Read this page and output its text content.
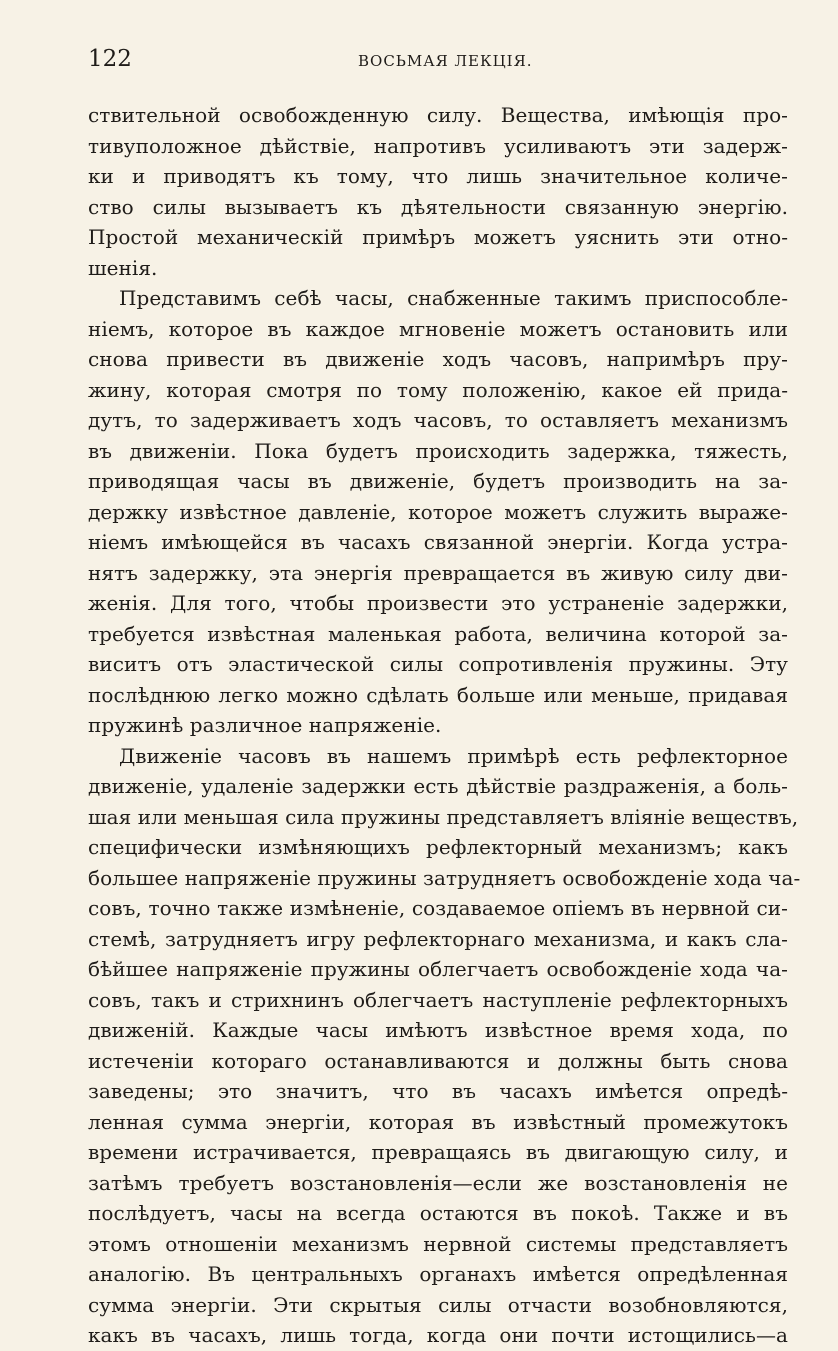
122	ВОСЬМАЯ ЛЕКЦІЯ.
ствительной освобожденную силу. Вещества, имѣющія про-
тивуположное дѣйствіе, напротивъ усиливаютъ эти задерж-
ки и приводятъ къ тому, что лишь значительное количе-
ство силы вызываетъ къ дѣятельности связанную энергію.
Простой механическій примѣръ можетъ уяснить эти отно-
шенія.
Представимъ себѣ часы, снабженные такимъ приспособле-
ніемъ, которое въ каждое мгновеніе можетъ остановить или
снова привести въ движеніе ходъ часовъ, напримѣръ пру-
жину, которая смотря по тому положенію, какое ей прида-
дутъ, то задерживаетъ ходъ часовъ, то оставляетъ механизмъ
въ движеніи. Пока будетъ происходить задержка, тяжесть,
приводящая часы въ движеніе, будетъ производить на за-
держку извѣстное давленіе, которое можетъ служить выраже-
ніемъ имѣющейся въ часахъ связанной энергіи. Когда устра-
нятъ задержку, эта энергія превращается въ живую силу дви-
женія. Для того, чтобы произвести это устраненіе задержки,
требуется извѣстная маленькая работа, величина которой за-
виситъ отъ эластической силы сопротивленія пружины. Эту
послѣднюю легко можно сдѣлать больше или меньше, придавая
пружинѣ различное напряженіе.
Движеніе часовъ въ нашемъ примѣрѣ есть рефлекторное
движеніе, удаленіе задержки есть дѣйствіе раздраженія, а боль-
шая или меньшая сила пружины представляетъ вліяніе веществъ,
специфически измѣняющихъ рефлекторный механизмъ; какъ
большее напряженіе пружины затрудняетъ освобожденіе хода ча-
совъ, точно также измѣненіе, создаваемое опіемъ въ нервной си-
стемѣ, затрудняетъ игру рефлекторнаго механизма, и какъ сла-
бѣйшее напряженіе пружины облегчаетъ освобожденіе хода ча-
совъ, такъ и стрихнинъ облегчаетъ наступленіе рефлекторныхъ
движеній. Каждые часы имѣютъ извѣстное время хода, по
истеченіи котораго останавливаются и должны быть снова
заведены; это значитъ, что въ часахъ имѣется опредѣ-
ленная сумма энергіи, которая въ извѣстный промежутокъ
времени истрачивается, превращаясь въ двигающую силу, и
затѣмъ требуетъ возстановленія—если же возстановленія не
послѣдуетъ, часы на всегда остаются въ покоѣ. Также и въ
этомъ отношеніи механизмъ нервной системы представляетъ
аналогію. Въ центральныхъ органахъ имѣется опредѣленная
сумма энергіи. Эти скрытыя силы отчасти возобновляются,
какъ въ часахъ, лишь тогда, когда они почти истощились—а
